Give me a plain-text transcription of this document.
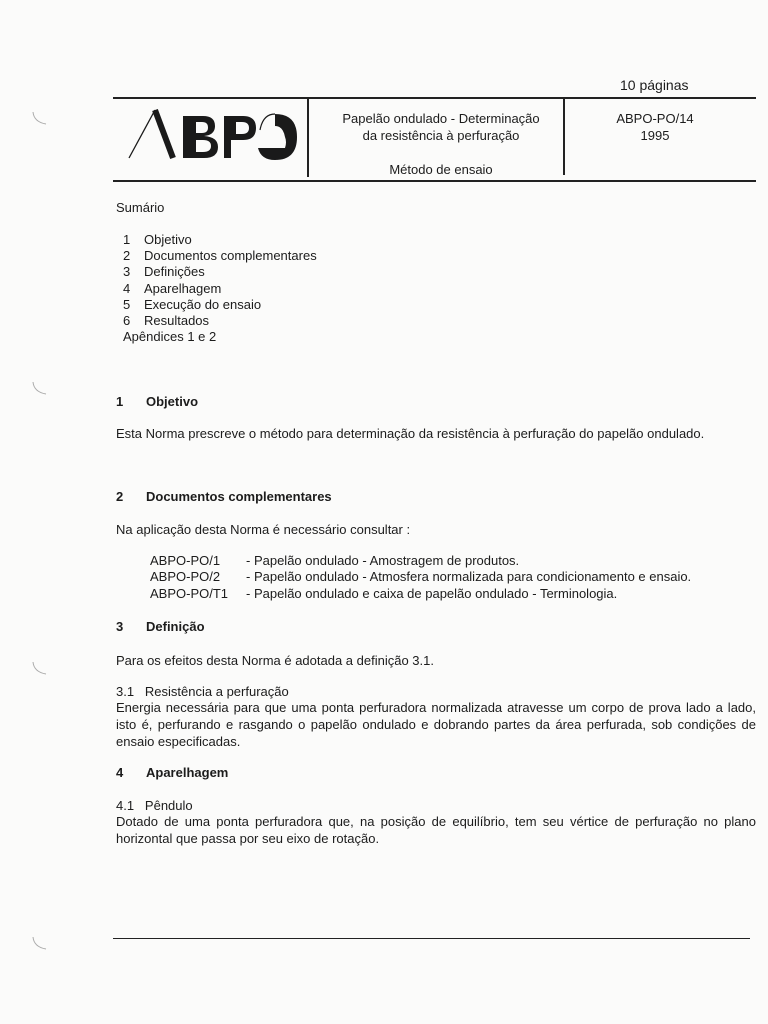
10 páginas
Papelão ondulado - Determinação
da resistência à perfuração
Método de ensaio
ABPO-PO/14
1995
Sumário
1 Objetivo
2 Documentos complementares
3 Definições
4 Aparelhagem
5 Execução do ensaio
6 Resultados
Apêndices 1 e 2
1 Objetivo
Esta Norma prescreve o método para determinação da resistência à perfuração do papelão ondulado.
2 Documentos complementares
Na aplicação desta Norma é necessário consultar :
ABPO-PO/1 - Papelão ondulado - Amostragem de produtos.
ABPO-PO/2 - Papelão ondulado - Atmosfera normalizada para condicionamento e ensaio.
ABPO-PO/T1 - Papelão ondulado e caixa de papelão ondulado - Terminologia.
3 Definição
Para os efeitos desta Norma é adotada a definição 3.1.
3.1 Resistência a perfuração
Energia necessária para que uma ponta perfuradora normalizada atravesse um corpo de prova lado a lado, isto é, perfurando e rasgando o papelão ondulado e dobrando partes da área perfurada, sob condições de ensaio especificadas.
4 Aparelhagem
4.1 Pêndulo
Dotado de uma ponta perfuradora que, na posição de equilíbrio, tem seu vértice de perfuração no plano horizontal que passa por seu eixo de rotação.
